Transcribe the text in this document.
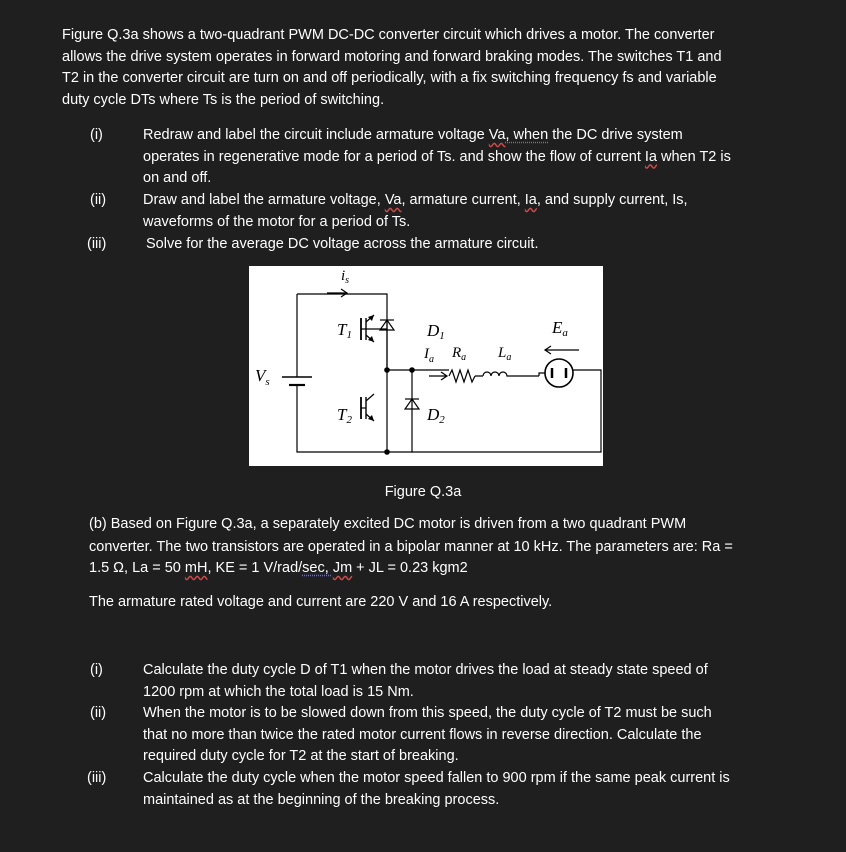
Figure Q.3a shows a two-quadrant PWM DC-DC converter circuit which drives a motor. The converter
allows the drive system operates in forward motoring and forward braking modes. The switches T1 and
T2 in the converter circuit are turn on and off periodically, with a fix switching frequency fs and variable
duty cycle DTs where Ts is the period of switching.
(i)	Redraw and label the circuit include armature voltage Va, when the DC drive system
operates in regenerative mode for a period of Ts. and show the flow of current Ia when T2 is
on and off.
(ii)	Draw and label the armature voltage, Va, armature current, Ia, and supply current, Is,
waveforms of the motor for a period of Ts.
(iii)	Solve for the average DC voltage across the armature circuit.
$i_s$
T1	D1
$I_a$ $R_a$ $L_a$
Ea
$V_s$
T2	D2
Figure Q.3a
(b) Based on Figure Q.3a, a separately excited DC motor is driven from a two quadrant PWM
converter. The two transistors are operated in a bipolar manner at 10 kHz. The parameters are: Ra =
1.5 Ω, La = 50 mH, KE = 1 V/rad/sec, Jm + JL = 0.23 kgm2
The armature rated voltage and current are 220 V and 16 A respectively.
(i)	Calculate the duty cycle D of T1 when the motor drives the load at steady state speed of
1200 rpm at which the total load is 15 Nm.
(ii)	When the motor is to be slowed down from this speed, the duty cycle of T2 must be such
that no more than twice the rated motor current flows in reverse direction. Calculate the
required duty cycle for T2 at the start of breaking.
(iii)	Calculate the duty cycle when the motor speed fallen to 900 rpm if the same peak current is
maintained as at the beginning of the breaking process.
